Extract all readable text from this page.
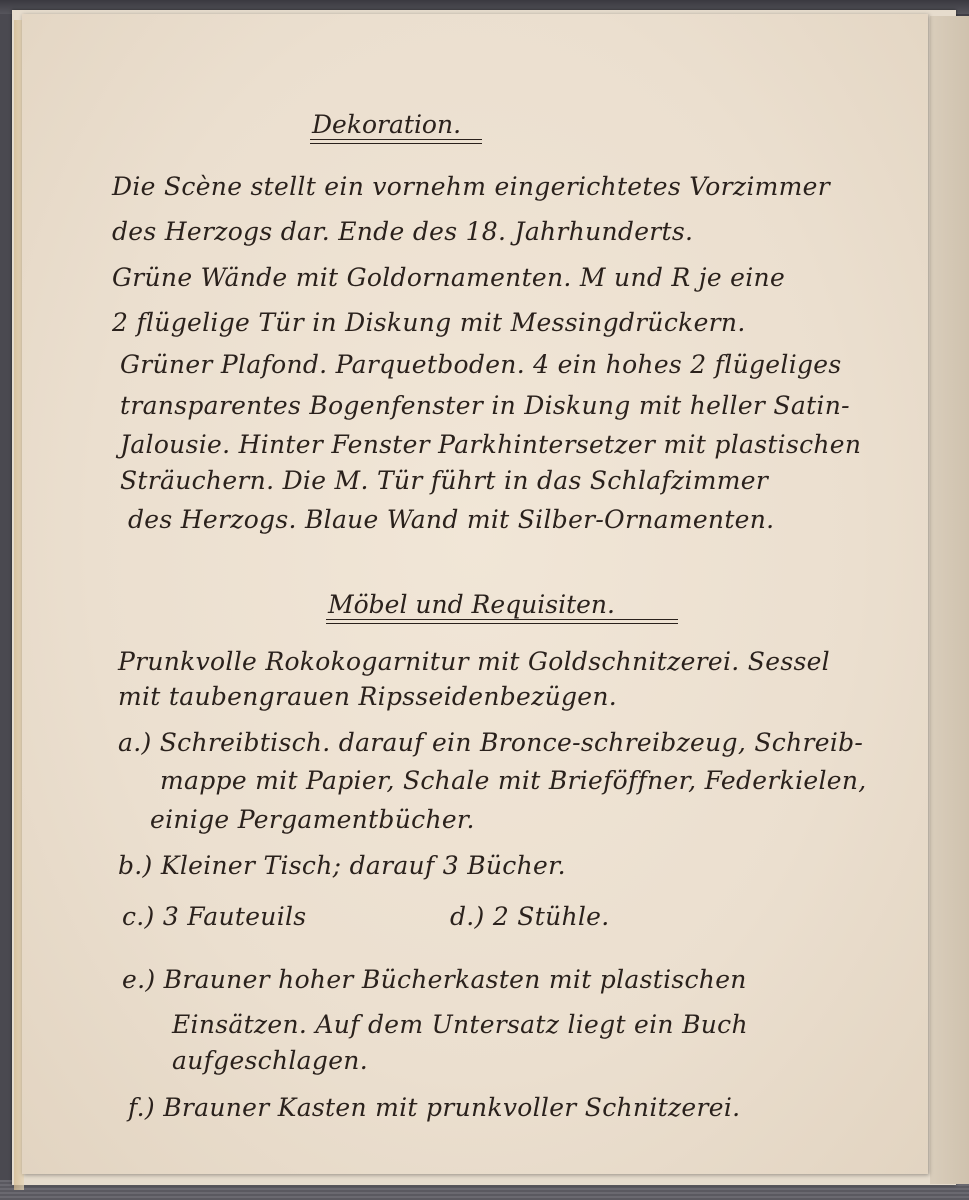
Dekoration.
Die Scène stellt ein vornehm eingerichtetes Vorzimmer
des Herzogs dar. Ende des 18. Jahrhunderts.
Grüne Wände mit Goldornamenten. M und R je eine
2 flügelige Tür in Diskung mit Messingdrückern.
Grüner Plafond. Parquetboden. 4 ein hohes 2 flügeliges
transparentes Bogenfenster in Diskung mit heller Satin-
Jalousie. Hinter Fenster Parkhintersetzer mit plastischen
Sträuchern. Die M. Tür führt in das Schlafzimmer
des Herzogs. Blaue Wand mit Silber-Ornamenten.
Möbel und Requisiten.
Prunkvolle Rokokogarnitur mit Goldschnitzerei. Sessel
mit taubengrauen Ripsseidenbezügen.
a.) Schreibtisch. darauf ein Bronce-schreibzeug, Schreib-
mappe mit Papier, Schale mit Brieföffner, Federkielen,
einige Pergamentbücher.
b.) Kleiner Tisch; darauf 3 Bücher.
c.) 3 Fauteuils	d.) 2 Stühle.
e.) Brauner hoher Bücherkasten mit plastischen
Einsätzen. Auf dem Untersatz liegt ein Buch
aufgeschlagen.
f.) Brauner Kasten mit prunkvoller Schnitzerei.
